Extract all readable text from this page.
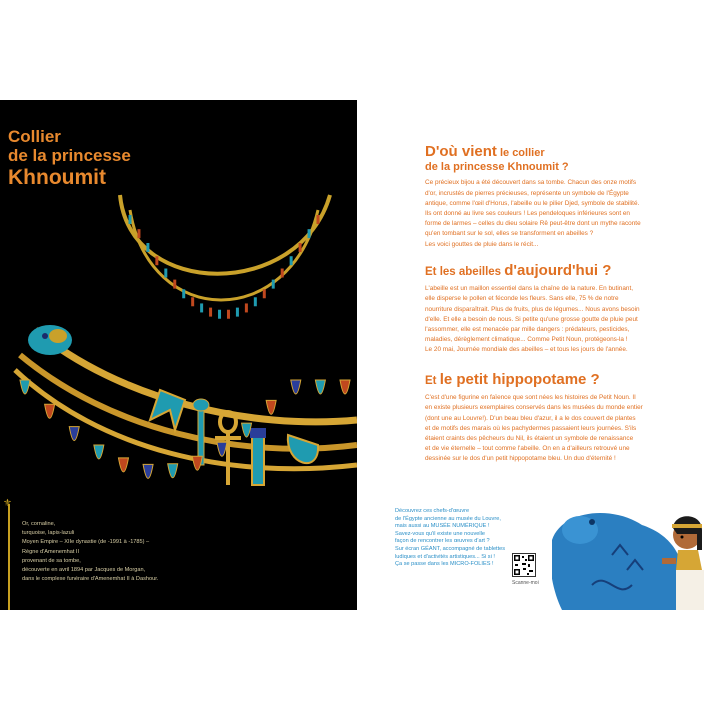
Collier
de la princesse
Khnoumit
⚜
Or, cornaline,
turquoise, lapis-lazuli
Moyen Empire – XIIe dynastie (de -1991 à -1785) –
Règne d'Amenemhat II
provenant de sa tombe,
découverte en avril 1894 par Jacques de Morgan,
dans le complexe funéraire d'Amenemhat II à Dashour.
D'où vient le collier
de la princesse Khnoumit ?
Ce précieux bijou a été découvert dans sa tombe. Chacun des onze motifs
d'or, incrustés de pierres précieuses, représente un symbole de l'Égypte
antique, comme l'œil d'Horus, l'abeille ou le pilier Djed, symbole de stabilité.
Ils ont donné au livre ses couleurs ! Les pendeloques inférieures sont en
forme de larmes – celles du dieu solaire Rê peut-être dont un mythe raconte
qu'en tombant sur le sol, elles se transforment en abeilles ?
Les voici gouttes de pluie dans le récit...
Et les abeilles d'aujourd'hui ?
L'abeille est un maillon essentiel dans la chaîne de la nature. En butinant,
elle disperse le pollen et féconde les fleurs. Sans elle, 75 % de notre
nourriture disparaîtrait. Plus de fruits, plus de légumes... Nous avons besoin
d'elle. Et elle a besoin de nous. Si petite qu'une grosse goutte de pluie peut
l'assommer, elle est menacée par mille dangers : prédateurs, pesticides,
maladies, dérèglement climatique... Comme Petit Noun, protégeons-la !
Le 20 mai, Journée mondiale des abeilles – et tous les jours de l'année.
Et le petit hippopotame ?
C'est d'une figurine en faïence que sont nées les histoires de Petit Noun. Il
en existe plusieurs exemplaires conservés dans les musées du monde entier
(dont une au Louvre!). D'un beau bleu d'azur, il a le dos couvert de plantes
et de motifs des marais où les pachydermes passaient leurs journées. S'ils
étaient craints des pêcheurs du Nil, ils étaient un symbole de renaissance
et de vie éternelle – tout comme l'abeille. On en a d'ailleurs retrouvé une
dessinée sur le dos d'un petit hippopotame bleu. Un duo d'éternité !
Découvrez ces chefs-d'œuvre
de l'Égypte ancienne au musée du Louvre,
mais aussi au MUSÉE NUMÉRIQUE !
Savez-vous qu'il existe une nouvelle
façon de rencontrer les œuvres d'art ?
Sur écran GÉANT, accompagné de tablettes
ludiques et d'activités artistiques... Si si !
Ça se passe dans les MICRO-FOLIES !
Scanne-moi
